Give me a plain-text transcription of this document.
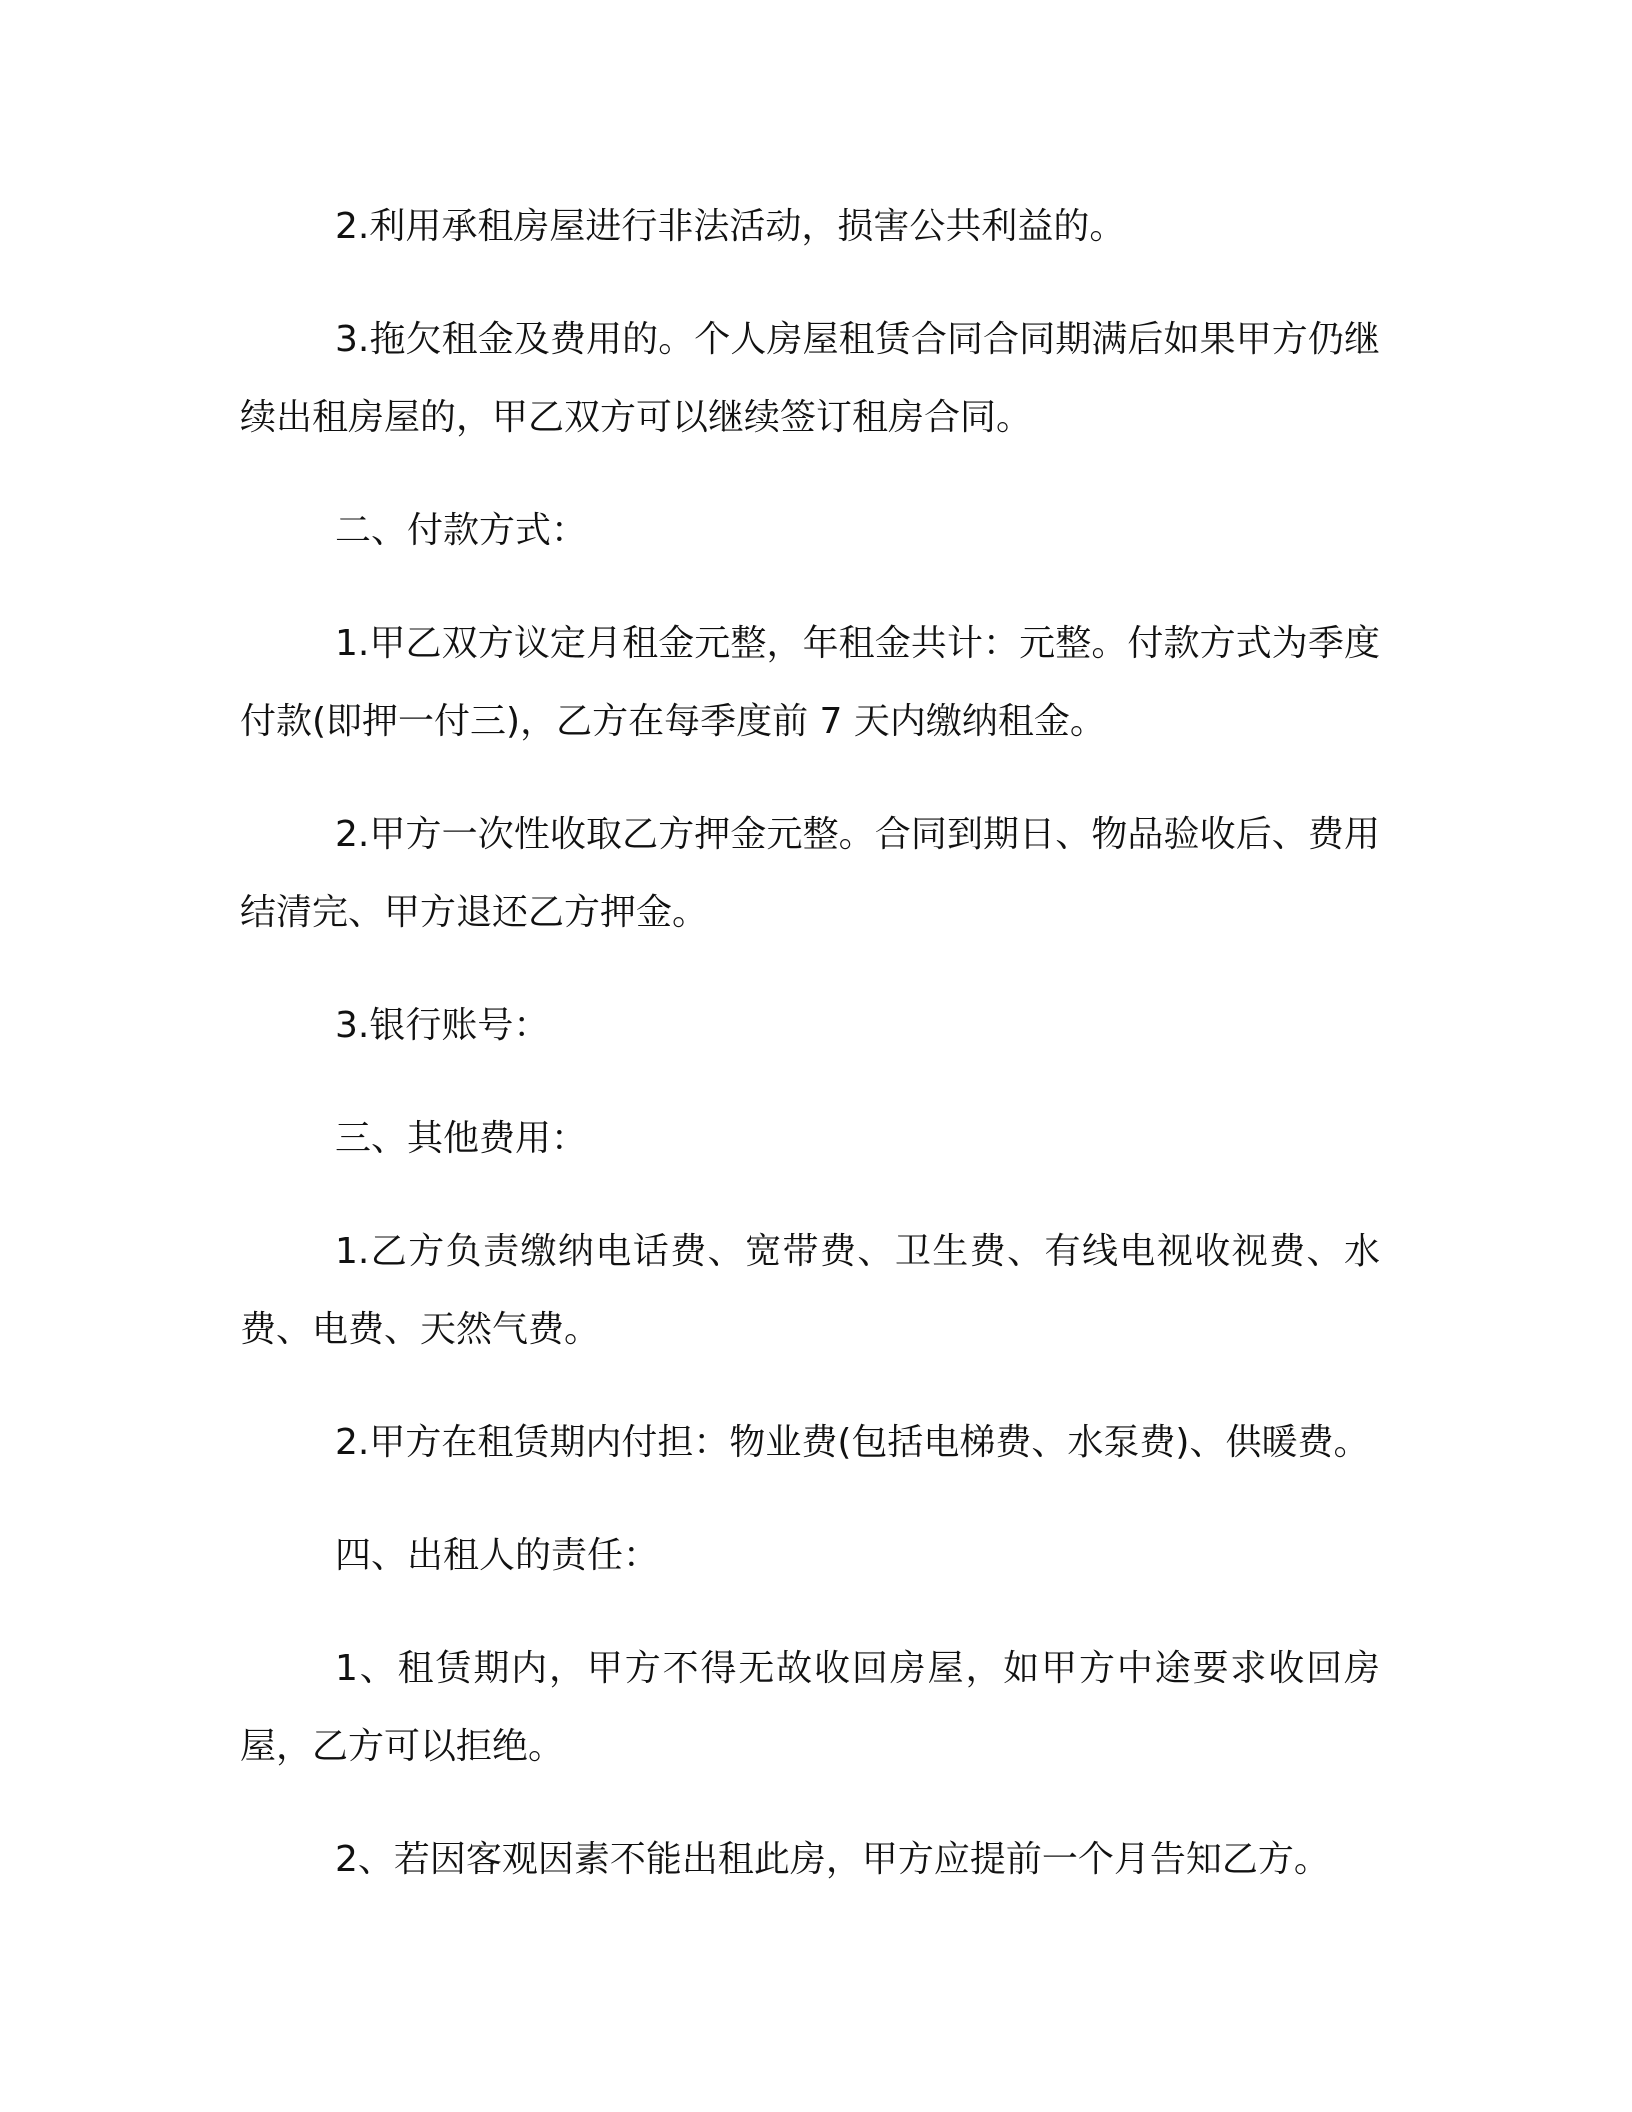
2.利用承租房屋进行非法活动，损害公共利益的。

3.拖欠租金及费用的。个人房屋租赁合同合同期满后如果甲方仍继续出租房屋的，甲乙双方可以继续签订租房合同。

二、付款方式：

1.甲乙双方议定月租金元整，年租金共计：元整。付款方式为季度付款(即押一付三)，乙方在每季度前 7 天内缴纳租金。

2.甲方一次性收取乙方押金元整。合同到期日、物品验收后、费用结清完、甲方退还乙方押金。

3.银行账号：

三、其他费用：

1.乙方负责缴纳电话费、宽带费、卫生费、有线电视收视费、水费、电费、天然气费。

2.甲方在租赁期内付担：物业费(包括电梯费、水泵费)、供暖费。

四、出租人的责任：

1、租赁期内，甲方不得无故收回房屋，如甲方中途要求收回房屋，乙方可以拒绝。

2、若因客观因素不能出租此房，甲方应提前一个月告知乙方。
